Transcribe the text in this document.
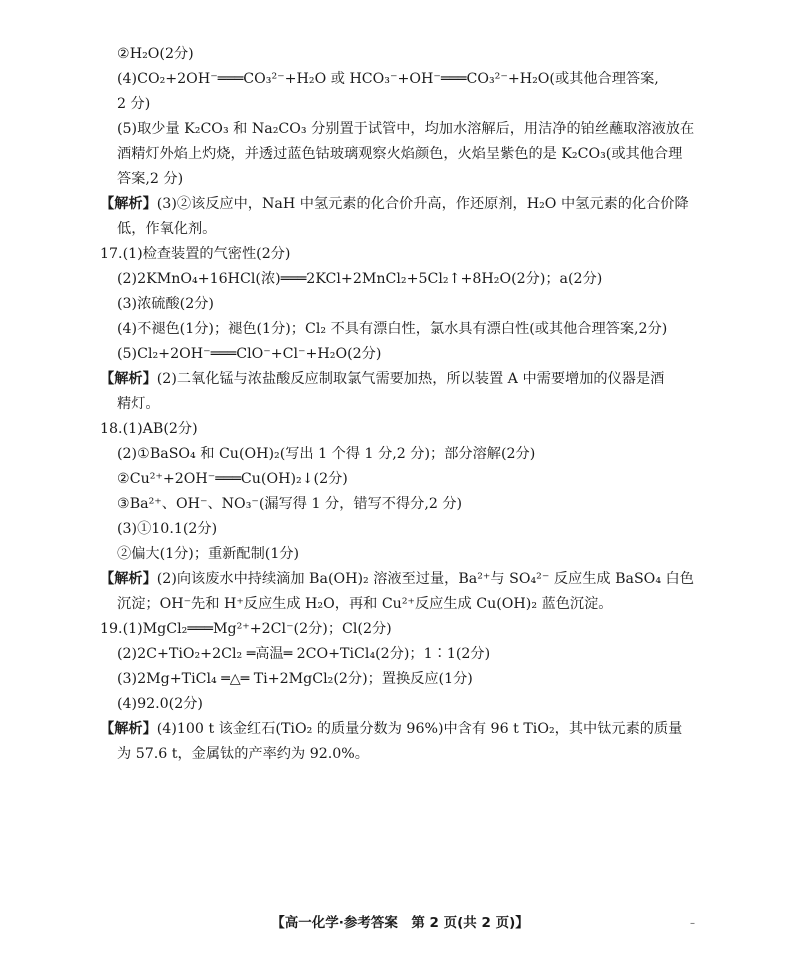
②H₂O(2分)
(4)CO₂+2OH⁻═══CO₃²⁻+H₂O 或 HCO₃⁻+OH⁻═══CO₃²⁻+H₂O(或其他合理答案,
2 分)
(5)取少量 K₂CO₃ 和 Na₂CO₃ 分别置于试管中，均加水溶解后，用洁净的铂丝蘸取溶液放在
酒精灯外焰上灼烧，并透过蓝色钴玻璃观察火焰颜色，火焰呈紫色的是 K₂CO₃(或其他合理
答案,2 分)
【解析】(3)②该反应中，NaH 中氢元素的化合价升高，作还原剂，H₂O 中氢元素的化合价降
低，作氧化剂。
17.(1)检查装置的气密性(2分)
(2)2KMnO₄+16HCl(浓)═══2KCl+2MnCl₂+5Cl₂↑+8H₂O(2分)；a(2分)
(3)浓硫酸(2分)
(4)不褪色(1分)；褪色(1分)；Cl₂ 不具有漂白性，氯水具有漂白性(或其他合理答案,2分)
(5)Cl₂+2OH⁻═══ClO⁻+Cl⁻+H₂O(2分)
【解析】(2)二氧化锰与浓盐酸反应制取氯气需要加热，所以装置 A 中需要增加的仪器是酒
精灯。
18.(1)AB(2分)
(2)①BaSO₄ 和 Cu(OH)₂(写出 1 个得 1 分,2 分)；部分溶解(2分)
②Cu²⁺+2OH⁻═══Cu(OH)₂↓(2分)
③Ba²⁺、OH⁻、NO₃⁻(漏写得 1 分，错写不得分,2 分)
(3)①10.1(2分)
②偏大(1分)；重新配制(1分)
【解析】(2)向该废水中持续滴加 Ba(OH)₂ 溶液至过量，Ba²⁺与 SO₄²⁻ 反应生成 BaSO₄ 白色
沉淀；OH⁻先和 H⁺反应生成 H₂O，再和 Cu²⁺反应生成 Cu(OH)₂ 蓝色沉淀。
19.(1)MgCl₂═══Mg²⁺+2Cl⁻(2分)；Cl(2分)
(2)2C+TiO₂+2Cl₂ ═高温═ 2CO+TiCl₄(2分)；1∶1(2分)
(3)2Mg+TiCl₄ ═△═ Ti+2MgCl₂(2分)；置换反应(1分)
(4)92.0(2分)
【解析】(4)100 t 该金红石(TiO₂ 的质量分数为 96%)中含有 96 t TiO₂，其中钛元素的质量
为 57.6 t，金属钛的产率约为 92.0%。
【高一化学·参考答案　第 2 页(共 2 页)】	–
